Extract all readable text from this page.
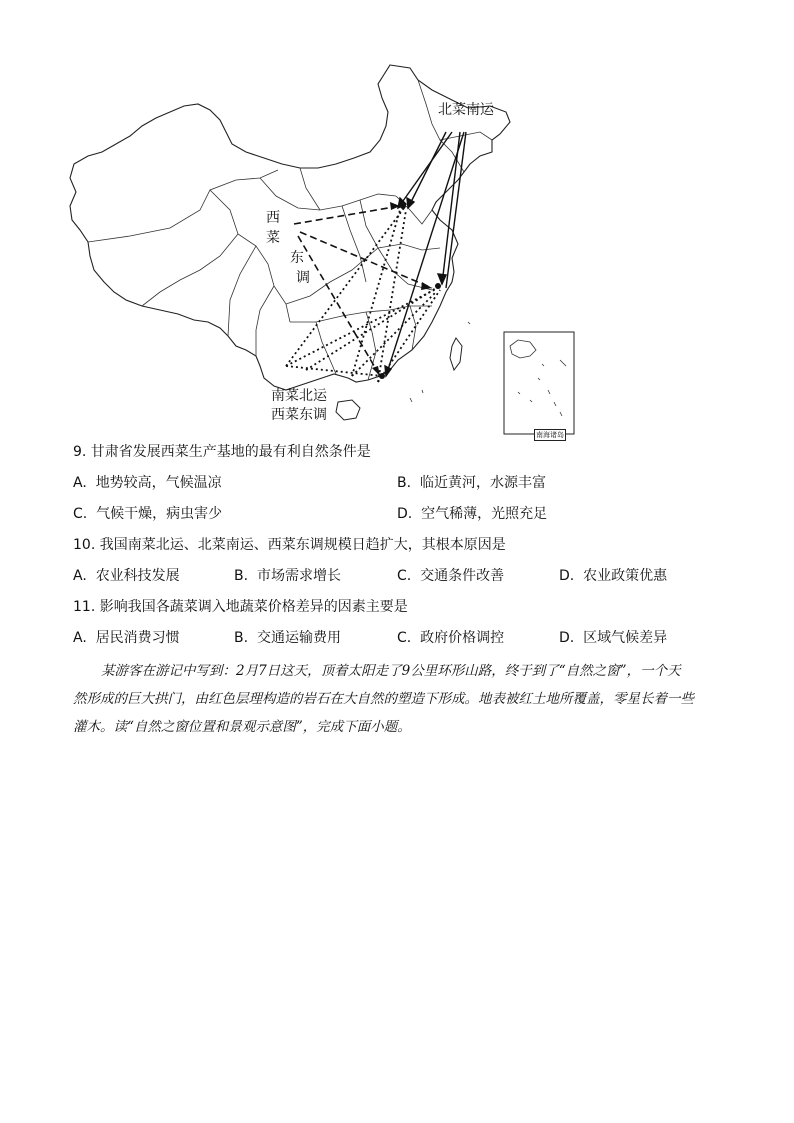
北菜南运
西
菜
东
调
南菜北运
西菜东调
南海诸岛
9. 甘肃省发展西菜生产基地的最有利自然条件是
A. 地势较高，气候温凉	B. 临近黄河，水源丰富
C. 气候干燥，病虫害少	D. 空气稀薄，光照充足
10. 我国南菜北运、北菜南运、西菜东调规模日趋扩大，其根本原因是
A. 农业科技发展	B. 市场需求增长	C. 交通条件改善	D. 农业政策优惠
11. 影响我国各蔬菜调入地蔬菜价格差异的因素主要是
A. 居民消费习惯	B. 交通运输费用	C. 政府价格调控	D. 区域气候差异
某游客在游记中写到：2月7日这天，顶着太阳走了9公里环形山路，终于到了“自然之窗”，一个天
然形成的巨大拱门，由红色层理构造的岩石在大自然的塑造下形成。地表被红土地所覆盖，零星长着一些
灌木。读“自然之窗位置和景观示意图”，完成下面小题。
